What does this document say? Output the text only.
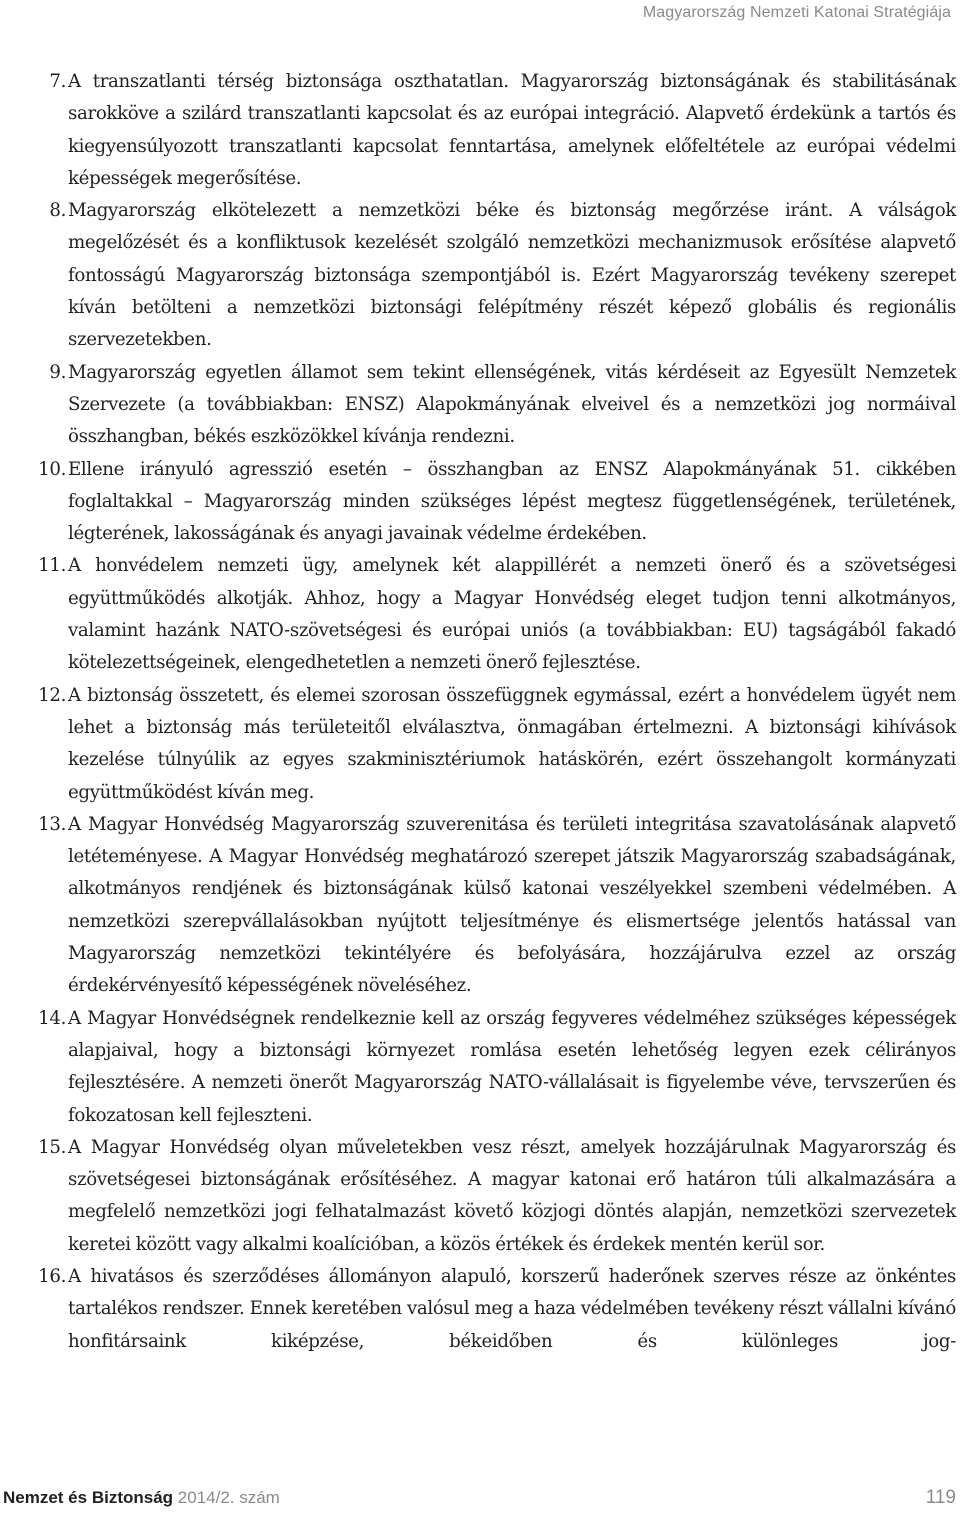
Magyarország Nemzeti Katonai Stratégiája
7. A transzatlanti térség biztonsága oszthatatlan. Magyarország biztonságának és stabilitásának sarokköve a szilárd transzatlanti kapcsolat és az európai integráció. Alapvető érdekünk a tartós és kiegyensúlyozott transzatlanti kapcsolat fenntartása, amelynek előfeltétele az európai védelmi képességek megerősítése.
8. Magyarország elkötelezett a nemzetközi béke és biztonság megőrzése iránt. A válságok megelőzését és a konfliktusok kezelését szolgáló nemzetközi mechanizmusok erősítése alapvető fontosságú Magyarország biztonsága szempontjából is. Ezért Magyarország tevékeny szerepet kíván betölteni a nemzetközi biztonsági felépítmény részét képező globális és regionális szervezetekben.
9. Magyarország egyetlen államot sem tekint ellenségének, vitás kérdéseit az Egyesült Nemzetek Szervezete (a továbbiakban: ENSZ) Alapokmányának elveivel és a nemzetközi jog normáival összhangban, békés eszközökkel kívánja rendezni.
10. Ellene irányuló agresszió esetén – összhangban az ENSZ Alapokmányának 51. cikkében foglaltakkal – Magyarország minden szükséges lépést megtesz függetlenségének, területének, légterének, lakosságának és anyagi javainak védelme érdekében.
11. A honvédelem nemzeti ügy, amelynek két alappillérét a nemzeti önerő és a szövetségesi együttműködés alkotják. Ahhoz, hogy a Magyar Honvédség eleget tudjon tenni alkotmányos, valamint hazánk NATO-szövetségesi és európai uniós (a továbbiakban: EU) tagságából fakadó kötelezettségeinek, elengedhetetlen a nemzeti önerő fejlesztése.
12. A biztonság összetett, és elemei szorosan összefüggnek egymással, ezért a honvédelem ügyét nem lehet a biztonság más területeitől elválasztva, önmagában értelmezni. A biztonsági kihívások kezelése túlnyúlik az egyes szakminisztériumok hatáskörén, ezért összehangolt kormányzati együttműködést kíván meg.
13. A Magyar Honvédség Magyarország szuverenitása és területi integritása szavatolásának alapvető letéteményese. A Magyar Honvédség meghatározó szerepet játszik Magyarország szabadságának, alkotmányos rendjének és biztonságának külső katonai veszélyekkel szembeni védelmében. A nemzetközi szerepvállalásokban nyújtott teljesítménye és elismertsége jelentős hatással van Magyarország nemzetközi tekintélyére és befolyására, hozzájárulva ezzel az ország érdekérvényesítő képességének növeléséhez.
14. A Magyar Honvédségnek rendelkeznie kell az ország fegyveres védelméhez szükséges képességek alapjaival, hogy a biztonsági környezet romlása esetén lehetőség legyen ezek célirányos fejlesztésére. A nemzeti önerőt Magyarország NATO-vállalásait is figyelembe véve, tervszerűen és fokozatosan kell fejleszteni.
15. A Magyar Honvédség olyan műveletekben vesz részt, amelyek hozzájárulnak Magyarország és szövetségesei biztonságának erősítéséhez. A magyar katonai erő határon túli alkalmazására a megfelelő nemzetközi jogi felhatalmazást követő közjogi döntés alapján, nemzetközi szervezetek keretei között vagy alkalmi koalícióban, a közös értékek és érdekek mentén kerül sor.
16. A hivatásos és szerződéses állományon alapuló, korszerű haderőnek szerves része az önkéntes tartalékos rendszer. Ennek keretében valósul meg a haza védelmében tevékeny részt vállalni kívánó honfitársaink kiképzése, békeidőben és különleges jog-
Nemzet és Biztonság 2014/2. szám	119
